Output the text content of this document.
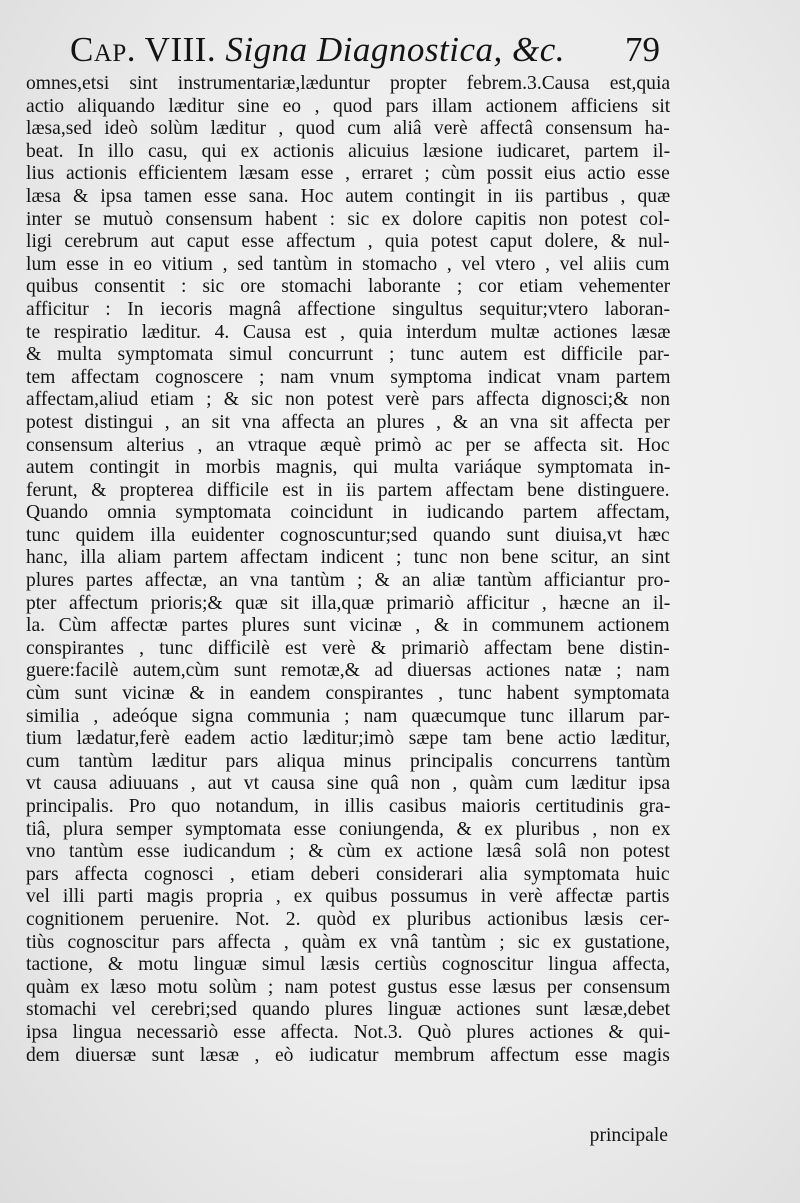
Cap. VIII. Signa Diagnostica, &c. 79
omnes,etsi sint instrumentariæ,læduntur propter febrem.3.Causa est,quia
actio aliquando læditur sine eo , quod pars illam actionem afficiens sit
læsa,sed ideò solùm læditur , quod cum aliâ verè affectâ consensum ha-
beat. In illo casu, qui ex actionis alicuius læsione iudicaret, partem il-
lius actionis efficientem læsam esse , erraret ; cùm possit eius actio esse
læsa & ipsa tamen esse sana. Hoc autem contingit in iis partibus , quæ
inter se mutuò consensum habent : sic ex dolore capitis non potest col-
ligi cerebrum aut caput esse affectum , quia potest caput dolere, & nul-
lum esse in eo vitium , sed tantùm in stomacho , vel vtero , vel aliis cum
quibus consentit : sic ore stomachi laborante ; cor etiam vehementer
afficitur : In iecoris magnâ affectione singultus sequitur;vtero laboran-
te respiratio læditur. 4. Causa est , quia interdum multæ actiones læsæ
& multa symptomata simul concurrunt ; tunc autem est difficile par-
tem affectam cognoscere ; nam vnum symptoma indicat vnam partem
affectam,aliud etiam ; & sic non potest verè pars affecta dignosci;& non
potest distingui , an sit vna affecta an plures , & an vna sit affecta per
consensum alterius , an vtraque æquè primò ac per se affecta sit. Hoc
autem contingit in morbis magnis, qui multa variáque symptomata in-
ferunt, & propterea difficile est in iis partem affectam bene distinguere.
Quando omnia symptomata coincidunt in iudicando partem affectam,
tunc quidem illa euidenter cognoscuntur;sed quando sunt diuisa,vt hæc
hanc, illa aliam partem affectam indicent ; tunc non bene scitur, an sint
plures partes affectæ, an vna tantùm ; & an aliæ tantùm afficiantur pro-
pter affectum prioris;& quæ sit illa,quæ primariò afficitur , hæcne an il-
la. Cùm affectæ partes plures sunt vicinæ , & in communem actionem
conspirantes , tunc difficilè est verè & primariò affectam bene distin-
guere:facilè autem,cùm sunt remotæ,& ad diuersas actiones natæ ; nam
cùm sunt vicinæ & in eandem conspirantes , tunc habent symptomata
similia , adeóque signa communia ; nam quæcumque tunc illarum par-
tium lædatur,ferè eadem actio læditur;imò sæpe tam bene actio læditur,
cum tantùm læditur pars aliqua minus principalis concurrens tantùm
vt causa adiuuans , aut vt causa sine quâ non , quàm cum læditur ipsa
principalis. Pro quo notandum, in illis casibus maioris certitudinis gra-
tiâ, plura semper symptomata esse coniungenda, & ex pluribus , non ex
vno tantùm esse iudicandum ; & cùm ex actione læsâ solâ non potest
pars affecta cognosci , etiam deberi considerari alia symptomata huic
vel illi parti magis propria , ex quibus possumus in verè affectæ partis
cognitionem peruenire. Not. 2. quòd ex pluribus actionibus læsis cer-
tiùs cognoscitur pars affecta , quàm ex vnâ tantùm ; sic ex gustatione,
tactione, & motu linguæ simul læsis certiùs cognoscitur lingua affecta,
quàm ex læso motu solùm ; nam potest gustus esse læsus per consensum
stomachi vel cerebri;sed quando plures linguæ actiones sunt læsæ,debet
ipsa lingua necessariò esse affecta. Not.3. Quò plures actiones & qui-
dem diuersæ sunt læsæ , eò iudicatur membrum affectum esse magis
principale
